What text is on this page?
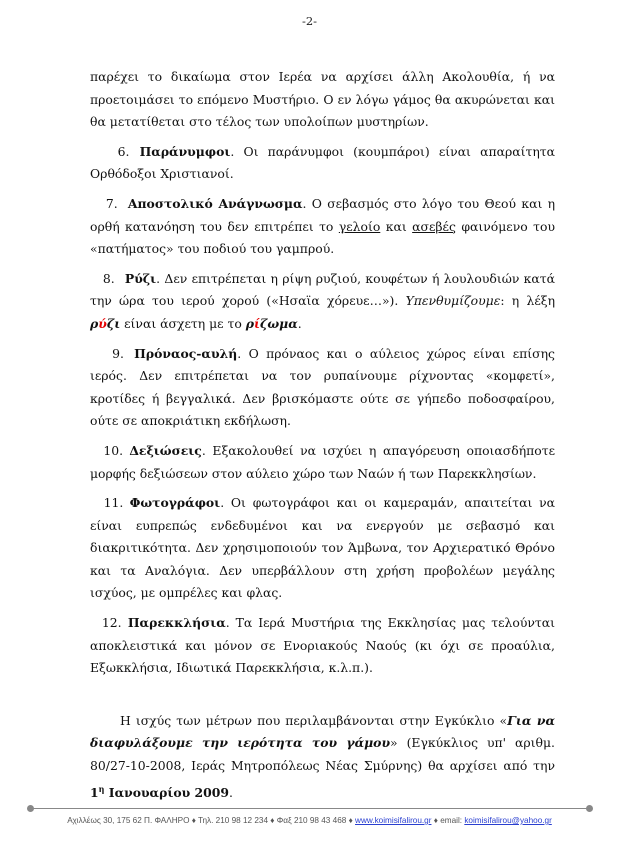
-2-

παρέχει το δικαίωμα στον Ιερέα να αρχίσει άλλη Ακολουθία, ή να προετοιμάσει το επόμενο Μυστήριο. Ο εν λόγω γάμος θα ακυρώνεται και θα μετατίθεται στο τέλος των υπολοίπων μυστηρίων.

6. Παράνυμφοι. Οι παράνυμφοι (κουμπάροι) είναι απαραίτητα Ορθόδοξοι Χριστιανοί.

7. Αποστολικό Ανάγνωσμα. Ο σεβασμός στο λόγο του Θεού και η ορθή κατανόηση του δεν επιτρέπει το γελοίο και ασεβές φαινόμενο του «πατήματος» του ποδιού του γαμπρού.

8. Ρύζι. Δεν επιτρέπεται η ρίψη ρυζιού, κουφέτων ή λουλουδιών κατά την ώρα του ιερού χορού («Ησαϊα χόρευε…»). Υπενθυμίζουμε: η λέξη ρύζι είναι άσχετη με το ρίζωμα.

9. Πρόναος-αυλή. Ο πρόναος και ο αύλειος χώρος είναι επίσης ιερός. Δεν επιτρέπεται να τον ρυπαίνουμε ρίχνοντας «κομφετί», κροτίδες ή βεγγαλικά. Δεν βρισκόμαστε ούτε σε γήπεδο ποδοσφαίρου, ούτε σε αποκριάτικη εκδήλωση.

10. Δεξιώσεις. Εξακολουθεί να ισχύει η απαγόρευση οποιασδήποτε μορφής δεξιώσεων στον αύλειο χώρο των Ναών ή των Παρεκκλησίων.

11. Φωτογράφοι. Οι φωτογράφοι και οι καμεραμάν, απαιτείται να είναι ευπρεπώς ενδεδυμένοι και να ενεργούν με σεβασμό και διακριτικότητα. Δεν χρησιμοποιούν τον Άμβωνα, τον Αρχιερατικό Θρόνο και τα Αναλόγια. Δεν υπερβάλλουν στη χρήση προβολέων μεγάλης ισχύος, με ομπρέλες και φλας.

12. Παρεκκλήσια. Τα Ιερά Μυστήρια της Εκκλησίας μας τελούνται αποκλειστικά και μόνον σε Ενοριακούς Ναούς (κι όχι σε προαύλια, Εξωκκλήσια, Ιδιωτικά Παρεκκλήσια, κ.λ.π.).

Η ισχύς των μέτρων που περιλαμβάνονται στην Εγκύκλιο «Για να διαφυλάξουμε την ιερότητα του γάμου» (Εγκύκλιος υπ' αριθμ. 80/27-10-2008, Ιεράς Μητροπόλεως Νέας Σμύρνης) θα αρχίσει από την $1^\eta$ Ιανουαρίου 2009.

Αχιλλέως 30, 175 62 Π. ΦΑΛΗΡΟ ♦ Τηλ. 210 98 12 234 ♦ Φαξ 210 98 43 468 ♦ www.koimisifalirou.gr ♦ email: koimisifalirou@yahoo.gr
